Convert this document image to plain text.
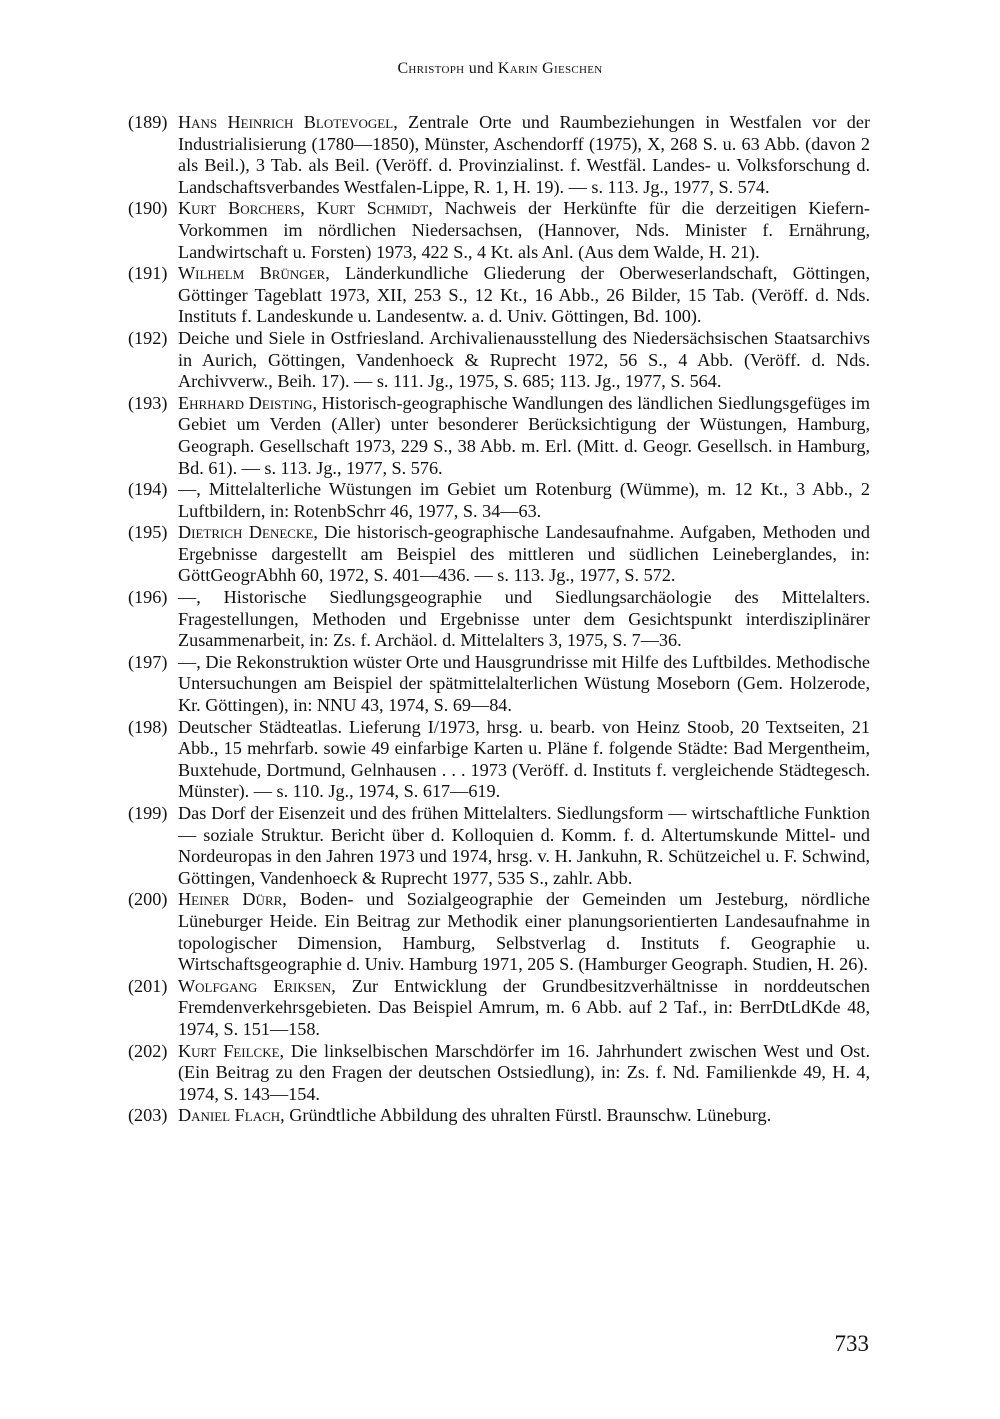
Christoph und Karin Gieschen
(189) Hans Heinrich Blotevogel, Zentrale Orte und Raumbeziehungen in Westfalen vor der Industrialisierung (1780—1850), Münster, Aschendorff (1975), X, 268 S. u. 63 Abb. (davon 2 als Beil.), 3 Tab. als Beil. (Veröff. d. Provinzialinst. f. Westfäl. Landes- u. Volksforschung d. Landschaftsverbandes Westfalen-Lippe, R. 1, H. 19). — s. 113. Jg., 1977, S. 574.
(190) Kurt Borchers, Kurt Schmidt, Nachweis der Herkünfte für die derzeitigen Kiefern-Vorkommen im nördlichen Niedersachsen, (Hannover, Nds. Minister f. Ernährung, Landwirtschaft u. Forsten) 1973, 422 S., 4 Kt. als Anl. (Aus dem Walde, H. 21).
(191) Wilhelm Brünger, Länderkundliche Gliederung der Oberweserlandschaft, Göttingen, Göttinger Tageblatt 1973, XII, 253 S., 12 Kt., 16 Abb., 26 Bilder, 15 Tab. (Veröff. d. Nds. Instituts f. Landeskunde u. Landesentw. a. d. Univ. Göttingen, Bd. 100).
(192) Deiche und Siele in Ostfriesland. Archivalienausstellung des Niedersächsischen Staatsarchivs in Aurich, Göttingen, Vandenhoeck & Ruprecht 1972, 56 S., 4 Abb. (Veröff. d. Nds. Archivverw., Beih. 17). — s. 111. Jg., 1975, S. 685; 113. Jg., 1977, S. 564.
(193) Ehrhard Deisting, Historisch-geographische Wandlungen des ländlichen Siedlungsgefüges im Gebiet um Verden (Aller) unter besonderer Berücksichtigung der Wüstungen, Hamburg, Geograph. Gesellschaft 1973, 229 S., 38 Abb. m. Erl. (Mitt. d. Geogr. Gesellsch. in Hamburg, Bd. 61). — s. 113. Jg., 1977, S. 576.
(194) —, Mittelalterliche Wüstungen im Gebiet um Rotenburg (Wümme), m. 12 Kt., 3 Abb., 2 Luftbildern, in: RotenbSchrr 46, 1977, S. 34—63.
(195) Dietrich Denecke, Die historisch-geographische Landesaufnahme. Aufgaben, Methoden und Ergebnisse dargestellt am Beispiel des mittleren und südlichen Leineberglandes, in: GöttGeogrAbhh 60, 1972, S. 401—436. — s. 113. Jg., 1977, S. 572.
(196) —, Historische Siedlungsgeographie und Siedlungsarchäologie des Mittelalters. Fragestellungen, Methoden und Ergebnisse unter dem Gesichtspunkt interdisziplinärer Zusammenarbeit, in: Zs. f. Archäol. d. Mittelalters 3, 1975, S. 7—36.
(197) —, Die Rekonstruktion wüster Orte und Hausgrundrisse mit Hilfe des Luftbildes. Methodische Untersuchungen am Beispiel der spätmittelalterlichen Wüstung Moseborn (Gem. Holzerode, Kr. Göttingen), in: NNU 43, 1974, S. 69—84.
(198) Deutscher Städteatlas. Lieferung I/1973, hrsg. u. bearb. von Heinz Stoob, 20 Textseiten, 21 Abb., 15 mehrfarb. sowie 49 einfarbige Karten u. Pläne f. folgende Städte: Bad Mergentheim, Buxtehude, Dortmund, Gelnhausen . . . 1973 (Veröff. d. Instituts f. vergleichende Städtegesch. Münster). — s. 110. Jg., 1974, S. 617—619.
(199) Das Dorf der Eisenzeit und des frühen Mittelalters. Siedlungsform — wirtschaftliche Funktion — soziale Struktur. Bericht über d. Kolloquien d. Komm. f. d. Altertumskunde Mittel- und Nordeuropas in den Jahren 1973 und 1974, hrsg. v. H. Jankuhn, R. Schützeichel u. F. Schwind, Göttingen, Vandenhoeck & Ruprecht 1977, 535 S., zahlr. Abb.
(200) Heiner Dürr, Boden- und Sozialgeographie der Gemeinden um Jesteburg, nördliche Lüneburger Heide. Ein Beitrag zur Methodik einer planungsorientierten Landesaufnahme in topologischer Dimension, Hamburg, Selbstverlag d. Instituts f. Geographie u. Wirtschaftsgeographie d. Univ. Hamburg 1971, 205 S. (Hamburger Geograph. Studien, H. 26).
(201) Wolfgang Eriksen, Zur Entwicklung der Grundbesitzverhältnisse in norddeutschen Fremdenverkehrsgebieten. Das Beispiel Amrum, m. 6 Abb. auf 2 Taf., in: BerrDtLdKde 48, 1974, S. 151—158.
(202) Kurt Feilcke, Die linkselbischen Marschdörfer im 16. Jahrhundert zwischen West und Ost. (Ein Beitrag zu den Fragen der deutschen Ostsiedlung), in: Zs. f. Nd. Familienkde 49, H. 4, 1974, S. 143—154.
(203) Daniel Flach, Gründtliche Abbildung des uhralten Fürstl. Braunschw. Lüneburg.
733
